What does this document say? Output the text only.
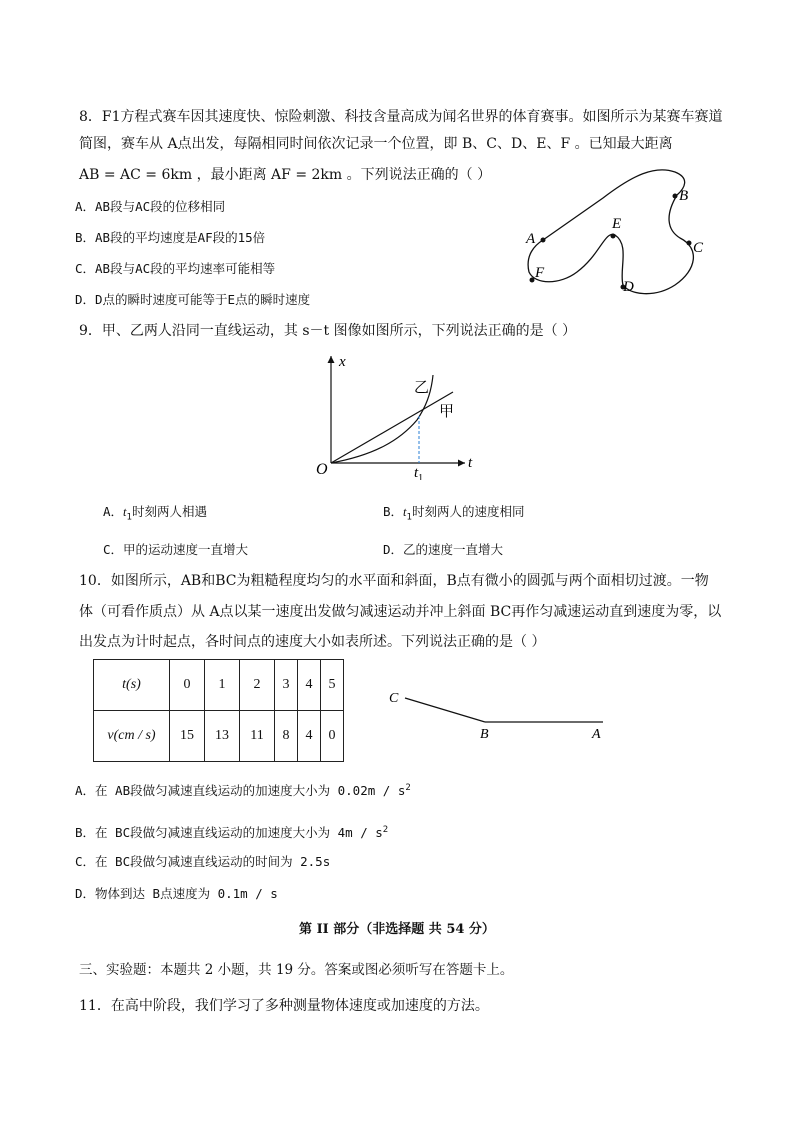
8．F1方程式赛车因其速度快、惊险刺激、科技含量高成为闻名世界的体育赛事。如图所示为某赛车赛道
简图，赛车从 A点出发，每隔相同时间依次记录一个位置，即 B、C、D、E、F 。已知最大距离
AB = AC = 6km ，最小距离 AF = 2km 。下列说法正确的（ ）
A．AB段与AC段的位移相同
B．AB段的平均速度是AF段的15倍
C．AB段与AC段的平均速率可能相等
D．D点的瞬时速度可能等于E点的瞬时速度
A
B
C
D
E
F
9．甲、乙两人沿同一直线运动，其 s－t 图像如图所示，下列说法正确的是（ ）
x
t
O	$t_1$
甲
乙
A．$t_1$时刻两人相遇	B．$t_1$时刻两人的速度相同
C．甲的运动速度一直增大	D．乙的速度一直增大
10．如图所示，AB和BC为粗糙程度均匀的水平面和斜面，B点有微小的圆弧与两个面相切过渡。一物
体（可看作质点）从 A点以某一速度出发做匀减速运动并冲上斜面 BC再作匀减速运动直到速度为零，以
出发点为计时起点，各时间点的速度大小如表所述。下列说法正确的是（ ）
t(s)	0	1	2	3	4	5
v(cm / s)	15	13	11	8	4	0
C
B	A
A．在 AB段做匀减速直线运动的加速度大小为 $0.02m / s^2$
B．在 BC段做匀减速直线运动的加速度大小为 $4m / s^2$
C．在 BC段做匀减速直线运动的时间为 2.5s
D．物体到达 B点速度为 0.1m / s
第 II 部分（非选择题 共 54 分）
三、实验题：本题共 2 小题，共 19 分。答案或图必须听写在答题卡上。
11．在高中阶段，我们学习了多种测量物体速度或加速度的方法。
